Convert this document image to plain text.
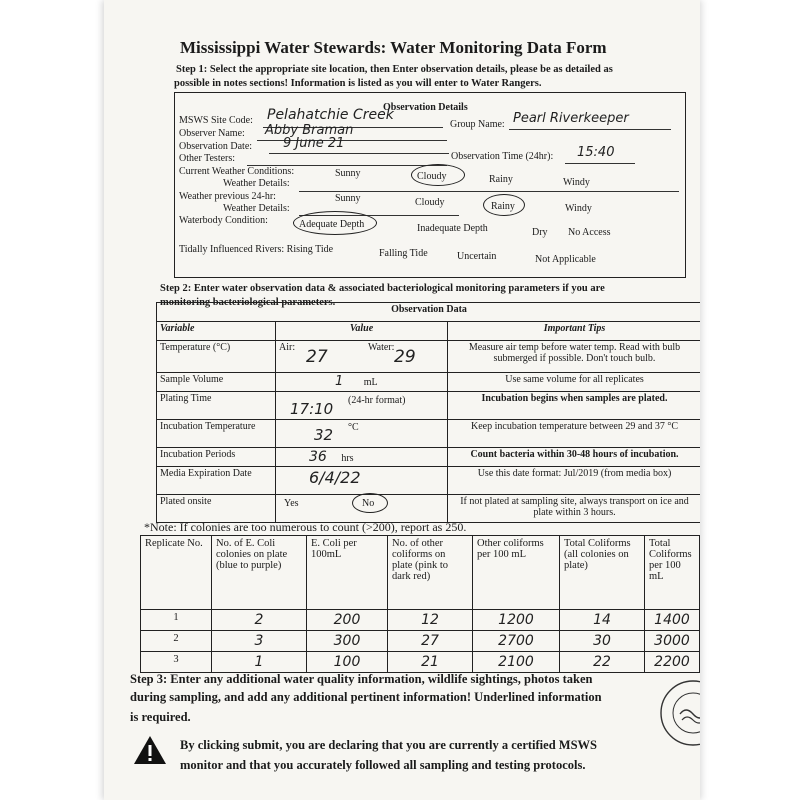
Mississippi Water Stewards: Water Monitoring Data Form
Step 1: Select the appropriate site location, then Enter observation details, please be as detailed as
possible in notes sections! Information is listed as you will enter to Water Rangers.
Observation Details
MSWS Site Code: Pelahatchie Creek
Group Name: Pearl Riverkeeper
Observer Name: Abby Braman
Observation Date: 9 June 21
Other Testers:	Observation Time (24hr): 15:40
Current Weather Conditions:
Weather Details:
Sunny	Cloudy	Rainy	Windy
Weather previous 24-hr:
Weather Details:
Sunny	Cloudy	Rainy	Windy
Waterbody Condition:	Adequate Depth	Inadequate Depth	Dry No Access
Tidally Influenced Rivers: Rising Tide	Falling Tide	Uncertain	Not Applicable
Step 2: Enter water observation data & associated bacteriological monitoring parameters if you are
monitoring bacteriological parameters.
Observation Data		
Variable	Value	Important Tips
Temperature (°C)	Air: 27 Water: 29	Measure air temp before water temp. Read with bulb submerged if possible. Don't touch bulb.
Sample Volume	1 mL	Use same volume for all replicates
Plating Time	17:10 (24-hr format)	Incubation begins when samples are plated.
Incubation Temperature	32 °C	Keep incubation temperature between 29 and 37 °C
Incubation Periods	36 hrs	Count bacteria within 30-48 hours of incubation.
Media Expiration Date	6/4/22	Use this date format: Jul/2019 (from media box)
Plated onsite	Yes No	If not plated at sampling site, always transport on ice and plate within 3 hours.
*Note: If colonies are too numerous to count (>200), report as 250.
Replicate No.	No. of E. Coli colonies on plate (blue to purple)	E. Coli per 100mL	No. of other coliforms on plate (pink to dark red)	Other coliforms per 100 mL	Total Coliforms (all colonies on plate)	Total Coliforms per 100 mL
1	2	200	12	1200	14	1400
2	3	300	27	2700	30	3000
3	1	100	21	2100	22	2200
Step 3: Enter any additional water quality information, wildlife sightings, photos taken
during sampling, and add any additional pertinent information! Underlined information
is required.
By clicking submit, you are declaring that you are currently a certified MSWS
monitor and that you accurately followed all sampling and testing protocols.
